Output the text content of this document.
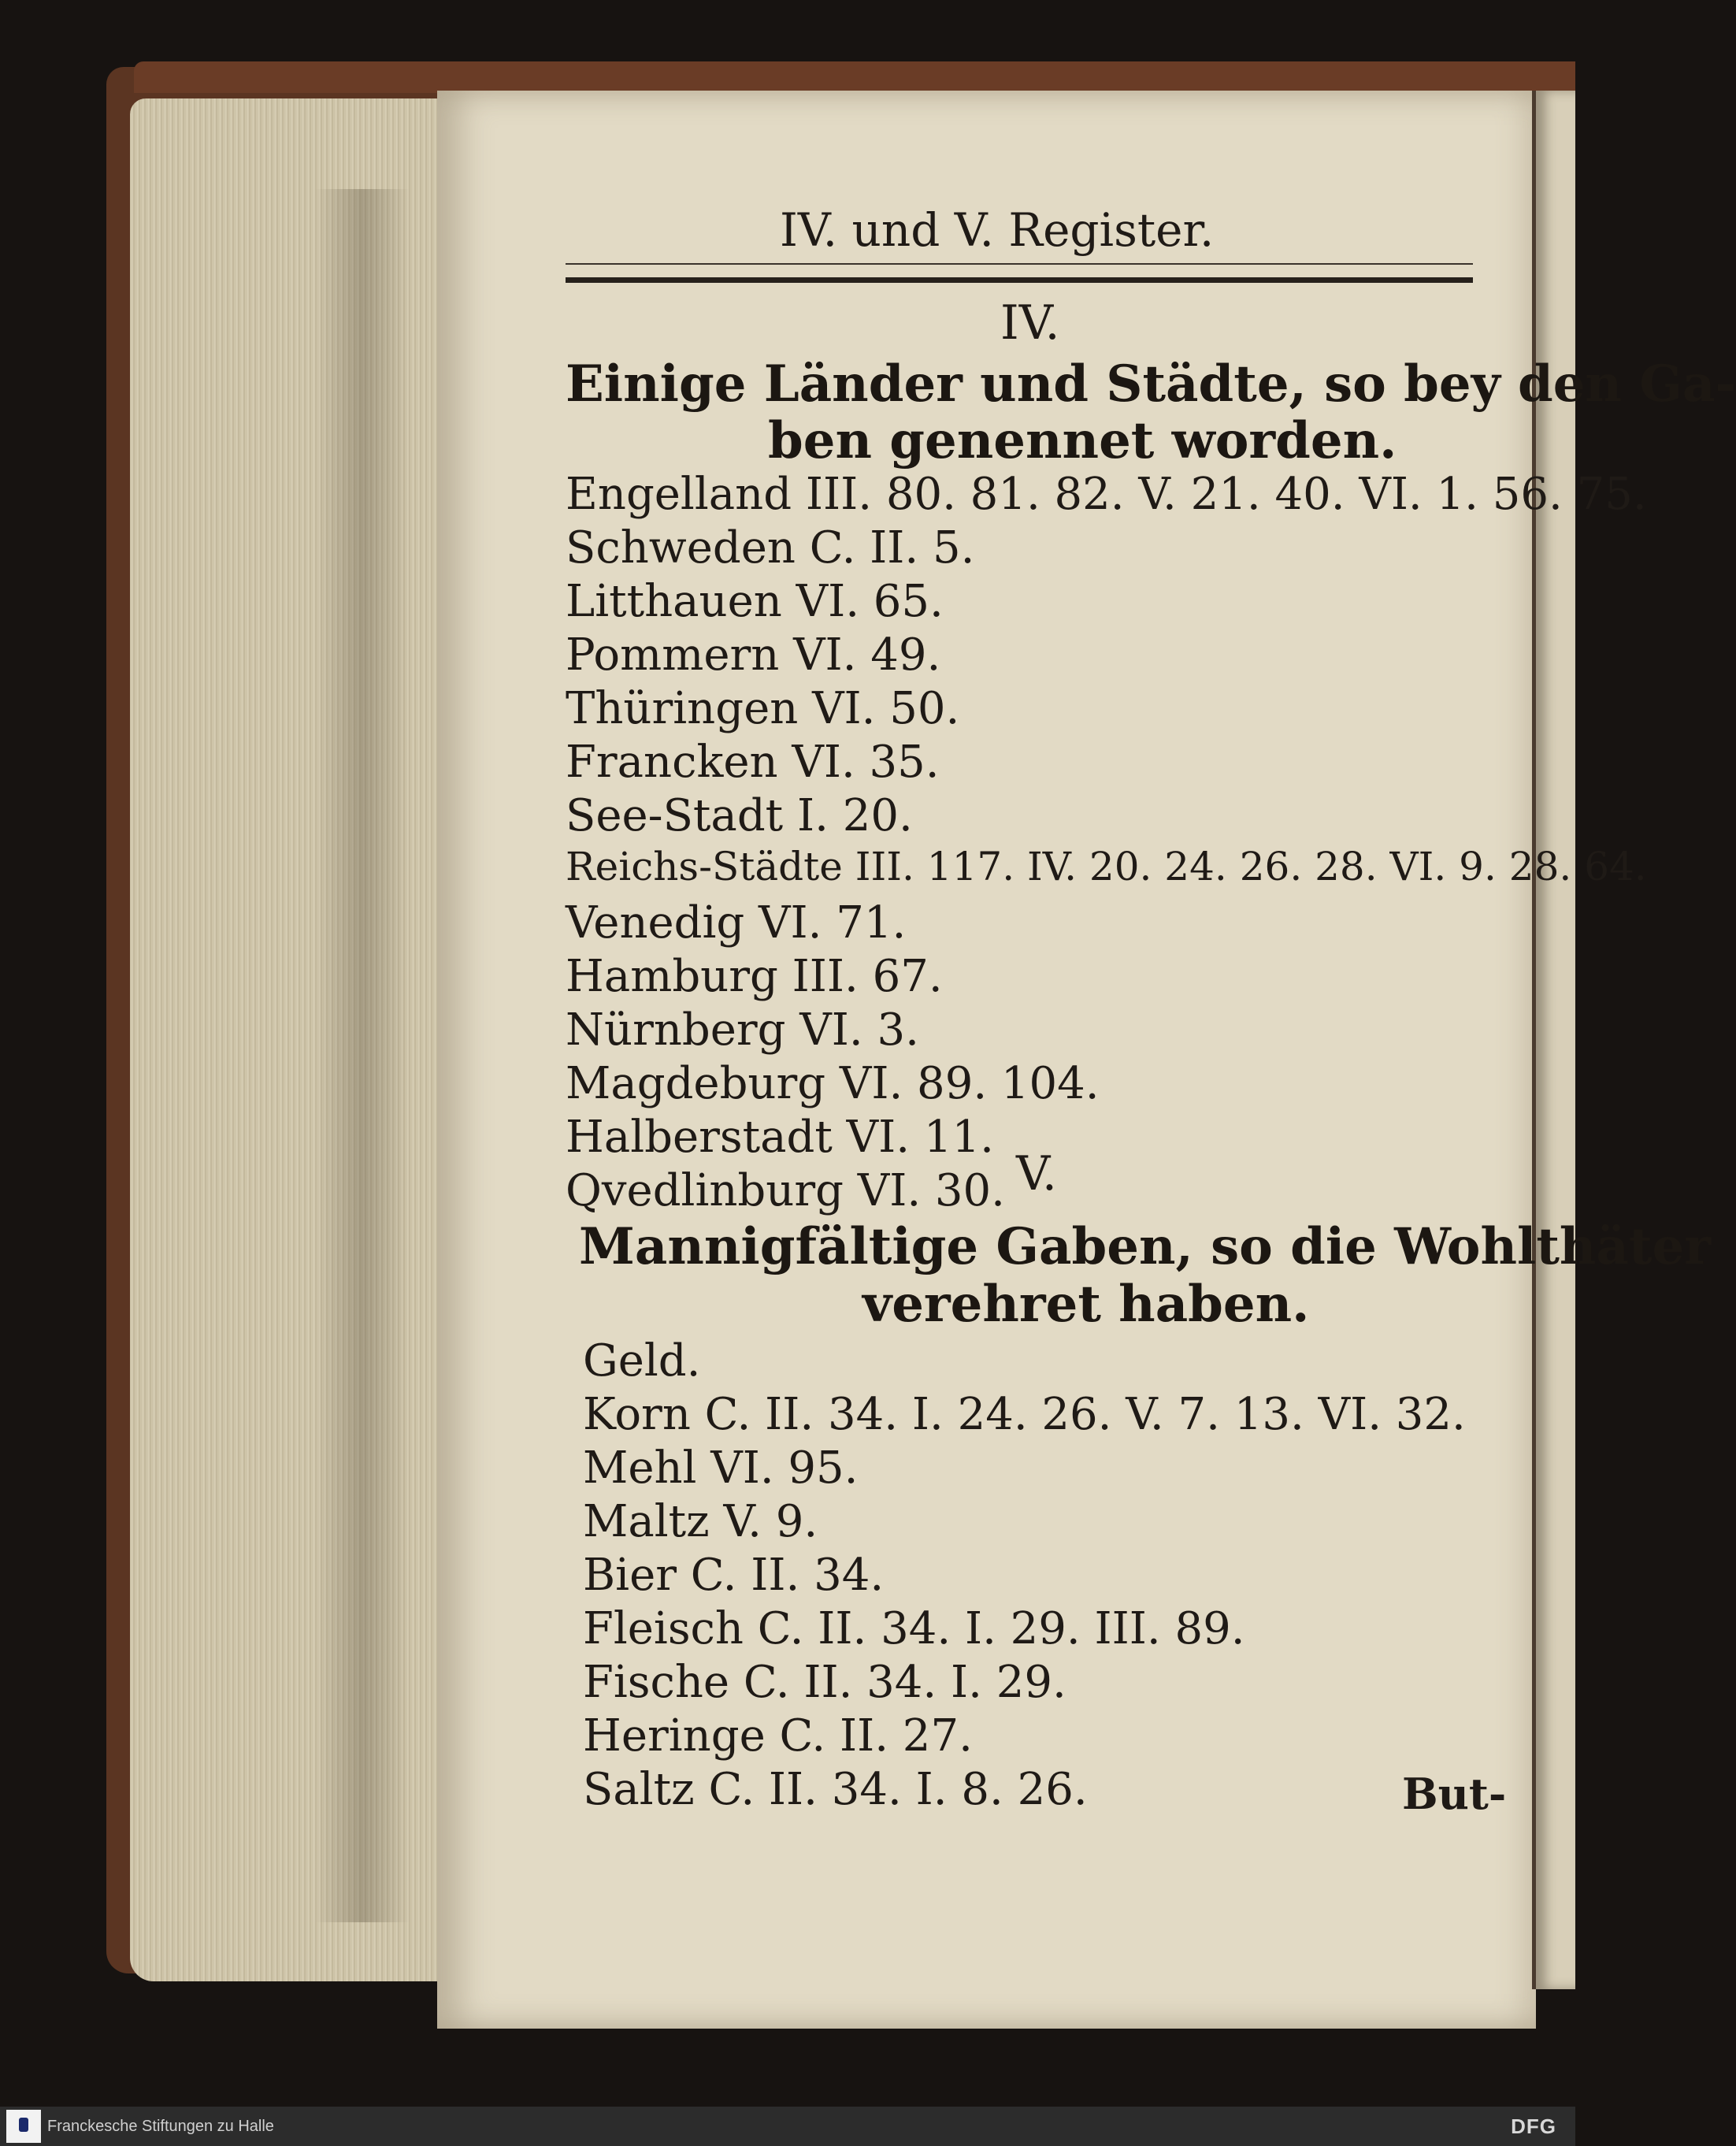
IV. und V. Register.
IV.
Einige Länder und Städte, so bey den Ga-
ben genennet worden.
Engelland III. 80. 81. 82. V. 21. 40. VI. 1. 56. 75.
Schweden C. II. 5.
Litthauen VI. 65.
Pommern VI. 49.
Thüringen VI. 50.
Francken VI. 35.
See-Stadt I. 20.
Reichs-Städte III. 117. IV. 20. 24. 26. 28. VI. 9. 28. 64.
Venedig VI. 71.
Hamburg III. 67.
Nürnberg VI. 3.
Magdeburg VI. 89. 104.
Halberstadt VI. 11.
Qvedlinburg VI. 30. V.
Mannigfältige Gaben, so die Wohlthäter
verehret haben.
Geld.
Korn C. II. 34. I. 24. 26. V. 7. 13. VI. 32.
Mehl VI. 95.
Maltz V. 9.
Bier C. II. 34.
Fleisch C. II. 34. I. 29. III. 89.
Fische C. II. 34. I. 29.
Heringe C. II. 27.
Saltz C. II. 34. I. 8. 26.	But-
Franckesche Stiftungen zu Halle	DFG
